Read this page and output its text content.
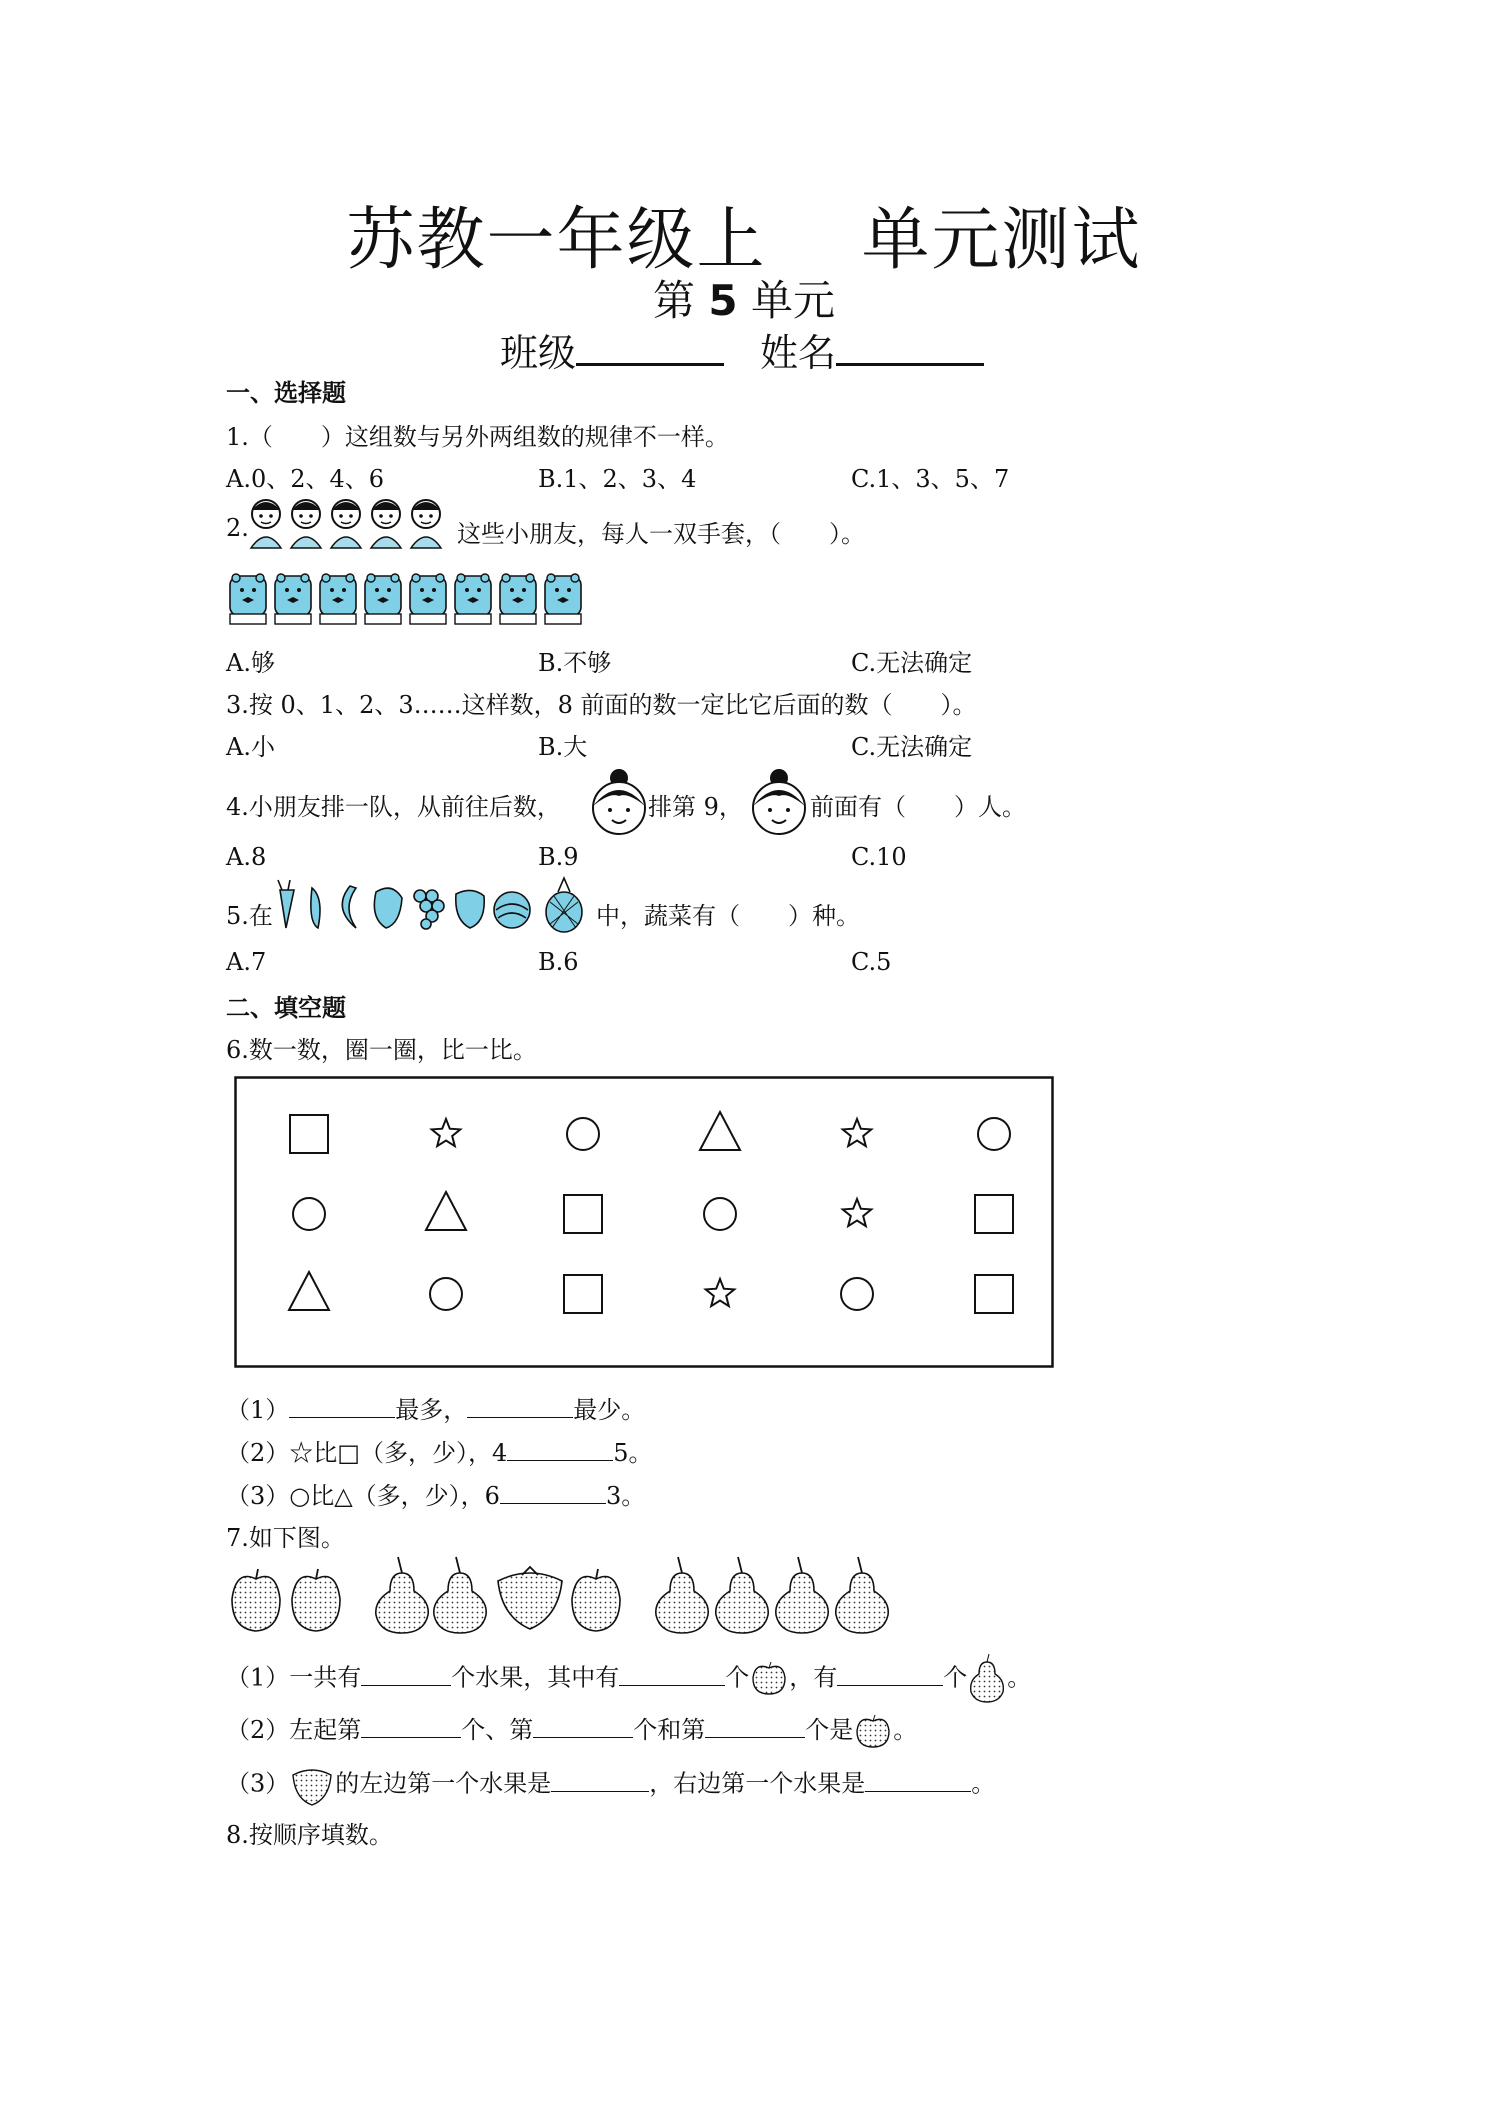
苏教一年级上 单元测试
第 5 单元
班级	姓名
一、选择题
1.（　　）这组数与另外两组数的规律不一样。
A.0、2、4、6	B.1、2、3、4	C.1、3、5、7
2.	这些小朋友，每人一双手套，（　　）。
A.够	B.不够	C.无法确定
3.按 0、1、2、3……这样数，8 前面的数一定比它后面的数（　　）。
A.小	B.大	C.无法确定
4.小朋友排一队，从前往后数，	排第 9，	前面有（　　）人。
A.8	B.9	C.10
5.在	中，蔬菜有（　　）种。
A.7	B.6	C.5
二、填空题
6.数一数，圈一圈，比一比。
（1）	最多，	最少。
（2）☆比□（多，少），4	5。
（3）○比△（多，少），6	3。
7.如下图。
（1）一共有	个水果，其中有	个 ，有	个 。
（2）左起第	个、第	个和第	个是 。
（3） 的左边第一个水果是	，右边第一个水果是	。
8.按顺序填数。
